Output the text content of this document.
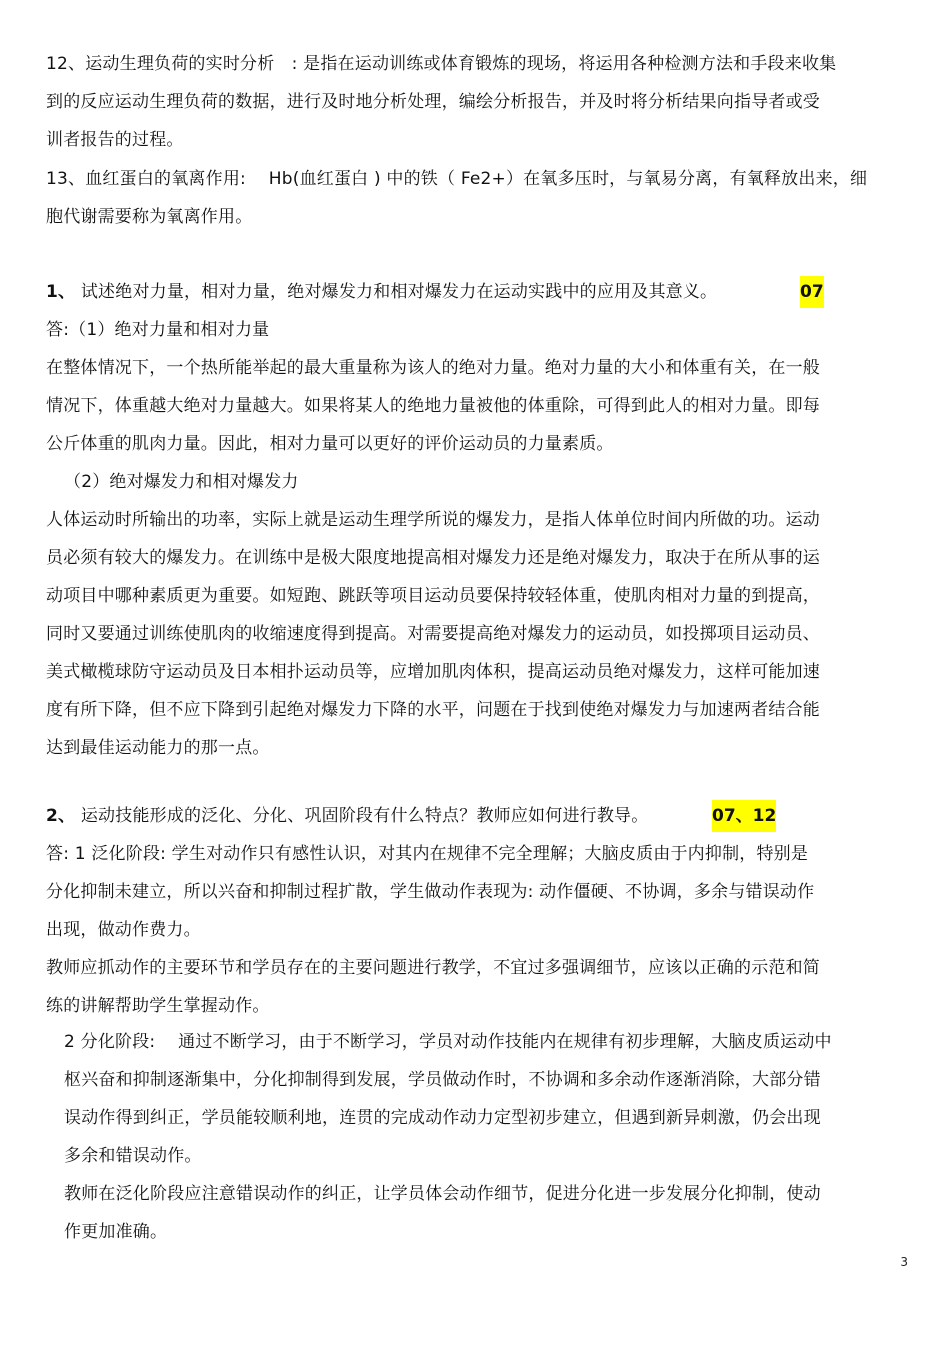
12、运动生理负荷的实时分析　: 是指在运动训练或体育锻炼的现场，将运用各种检测方法和手段来收集
到的反应运动生理负荷的数据，进行及时地分析处理，编绘分析报告，并及时将分析结果向指导者或受
训者报告的过程。
13、血红蛋白的氧离作用:　 Hb(血红蛋白 ) 中的铁（ Fe2+）在氧多压时，与氧易分离，有氧释放出来，细
胞代谢需要称为氧离作用。
1、 试述绝对力量，相对力量，绝对爆发力和相对爆发力在运动实践中的应用及其意义。	07
答:（1）绝对力量和相对力量
在整体情况下，一个热所能举起的最大重量称为该人的绝对力量。绝对力量的大小和体重有关，在一般
情况下，体重越大绝对力量越大。如果将某人的绝地力量被他的体重除，可得到此人的相对力量。即每
公斤体重的肌肉力量。因此，相对力量可以更好的评价运动员的力量素质。
（2）绝对爆发力和相对爆发力
人体运动时所输出的功率，实际上就是运动生理学所说的爆发力，是指人体单位时间内所做的功。运动
员必须有较大的爆发力。在训练中是极大限度地提高相对爆发力还是绝对爆发力，取决于在所从事的运
动项目中哪种素质更为重要。如短跑、跳跃等项目运动员要保持较轻体重，使肌肉相对力量的到提高，
同时又要通过训练使肌肉的收缩速度得到提高。对需要提高绝对爆发力的运动员，如投掷项目运动员、
美式橄榄球防守运动员及日本相扑运动员等，应增加肌肉体积，提高运动员绝对爆发力，这样可能加速
度有所下降，但不应下降到引起绝对爆发力下降的水平，问题在于找到使绝对爆发力与加速两者结合能
达到最佳运动能力的那一点。
2、 运动技能形成的泛化、分化、巩固阶段有什么特点？教师应如何进行教导。	07、12
答: 1 泛化阶段: 学生对动作只有感性认识，对其内在规律不完全理解；大脑皮质由于内抑制，特别是
分化抑制未建立，所以兴奋和抑制过程扩散，学生做动作表现为: 动作僵硬、不协调，多余与错误动作
出现，做动作费力。
教师应抓动作的主要环节和学员存在的主要问题进行教学，不宜过多强调细节，应该以正确的示范和简
练的讲解帮助学生掌握动作。
2 分化阶段:　 通过不断学习，由于不断学习，学员对动作技能内在规律有初步理解，大脑皮质运动中
枢兴奋和抑制逐渐集中，分化抑制得到发展，学员做动作时，不协调和多余动作逐渐消除，大部分错
误动作得到纠正，学员能较顺利地，连贯的完成动作动力定型初步建立，但遇到新异刺激，仍会出现
多余和错误动作。
教师在泛化阶段应注意错误动作的纠正，让学员体会动作细节，促进分化进一步发展分化抑制，使动
作更加准确。
3
